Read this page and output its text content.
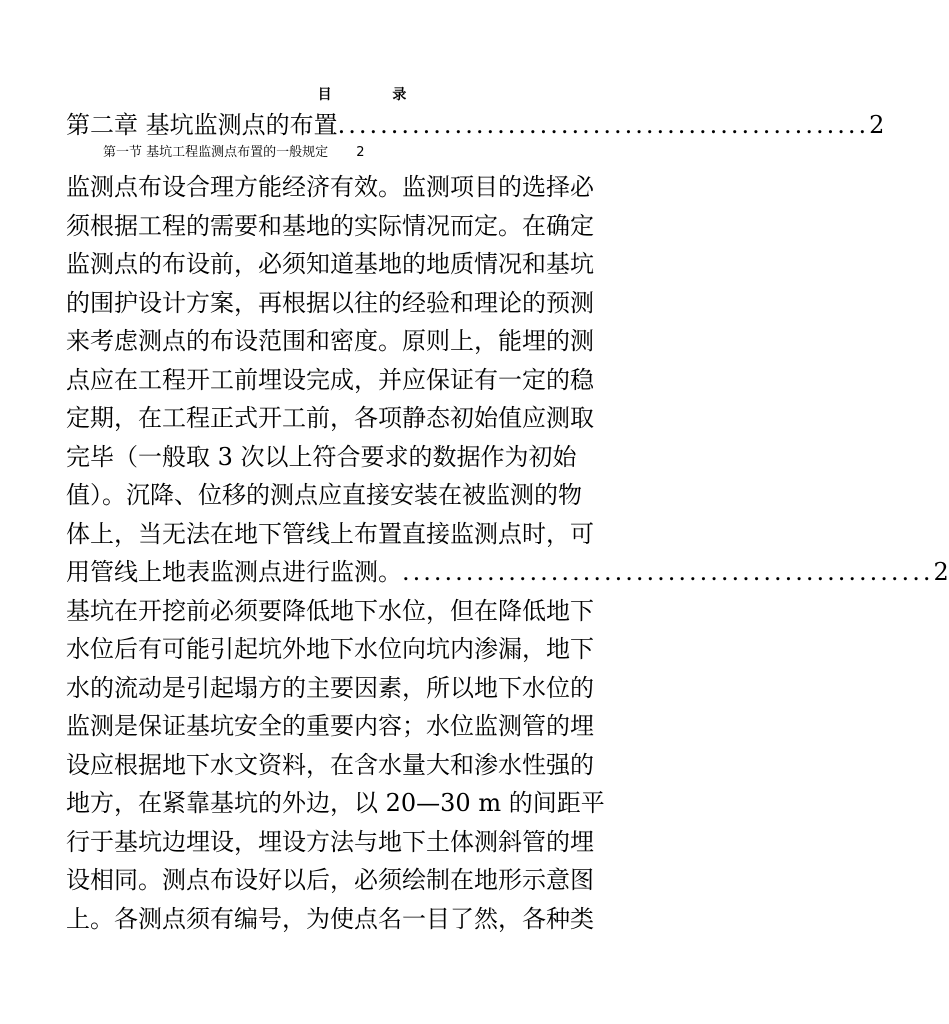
目 录
第二章 基坑监测点的布置 .................................................. 2
第一节 基坑工程监测点布置的一般规定 2
监测点布设合理方能经济有效。监测项目的选择必
须根据工程的需要和基地的实际情况而定。在确定
监测点的布设前，必须知道基地的地质情况和基坑
的围护设计方案，再根据以往的经验和理论的预测
来考虑测点的布设范围和密度。原则上，能埋的测
点应在工程开工前埋设完成，并应保证有一定的稳
定期，在工程正式开工前，各项静态初始值应测取
完毕（一般取 3 次以上符合要求的数据作为初始
值）。沉降、位移的测点应直接安装在被监测的物
体上，当无法在地下管线上布置直接监测点时，可
用管线上地表监测点进行监测。 .................................................. 2
基坑在开挖前必须要降低地下水位，但在降低地下
水位后有可能引起坑外地下水位向坑内渗漏，地下
水的流动是引起塌方的主要因素，所以地下水位的
监测是保证基坑安全的重要内容；水位监测管的埋
设应根据地下水文资料，在含水量大和渗水性强的
地方，在紧靠基坑的外边，以 20—30 m 的间距平
行于基坑边埋设，埋设方法与地下土体测斜管的埋
设相同。测点布设好以后，必须绘制在地形示意图
上。各测点须有编号，为使点名一目了然，各种类
